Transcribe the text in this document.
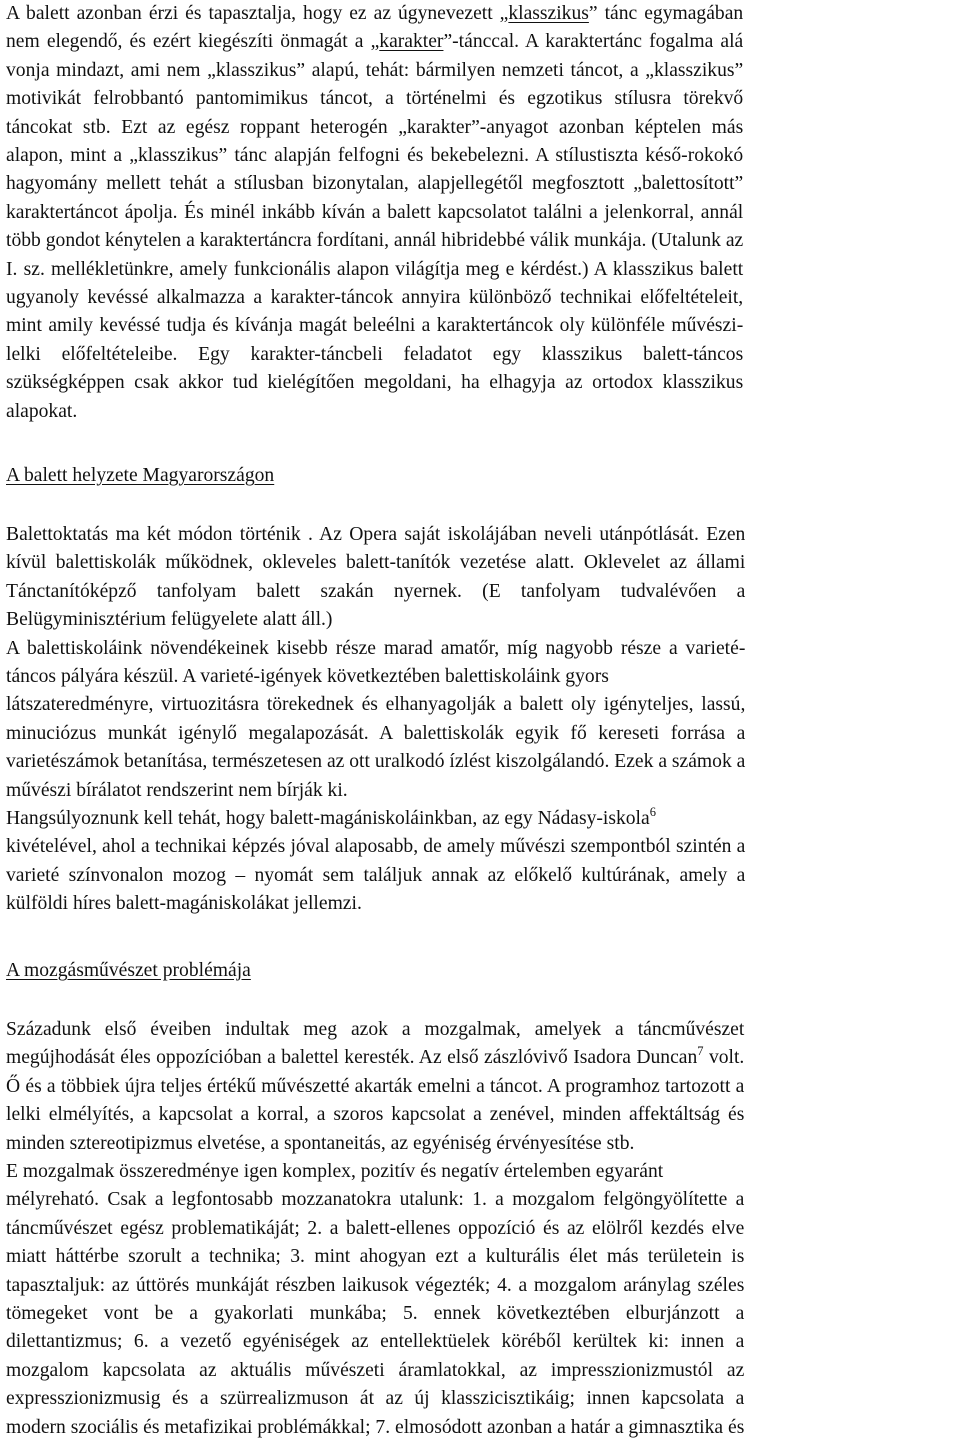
A balett azonban érzi és tapasztalja, hogy ez az úgynevezett „klasszikus” tánc egymagában
nem elegendő, és ezért kiegészíti önmagát a „karakter”-tánccal. A karaktertánc fogalma alá
vonja mindazt, ami nem „klasszikus” alapú, tehát: bármilyen nemzeti táncot, a „klasszikus”
motivikát felrobbantó pantomimikus táncot, a történelmi és egzotikus stílusra törekvő
táncokat stb. Ezt az egész roppant heterogén „karakter”-anyagot azonban képtelen más
alapon, mint a „klasszikus” tánc alapján felfogni és bekebelezni. A stílustiszta késő-rokokó
hagyomány mellett tehát a stílusban bizonytalan, alapjellegétől megfosztott „balettosított”
karaktertáncot ápolja. És minél inkább kíván a balett kapcsolatot találni a jelenkorral, annál
több gondot kénytelen a karaktertáncra fordítani, annál hibridebbé válik munkája. (Utalunk az
I. sz. mellékletünkre, amely funkcionális alapon világítja meg e kérdést.) A klasszikus balett
ugyanoly kevéssé alkalmazza a karakter-táncok annyira különböző technikai előfeltételeit,
mint amily kevéssé tudja és kívánja magát beleélni a karaktertáncok oly különféle művészi-
lelki előfeltételeibe. Egy karakter-táncbeli feladatot egy klasszikus balett-táncos
szükségképpen csak akkor tud kielégítően megoldani, ha elhagyja az ortodox klasszikus
alapokat.

A balett helyzete Magyarországon

Balettoktatás ma két módon történik . Az Opera saját iskolájában neveli utánpótlását. Ezen
kívül balettiskolák működnek, okleveles balett-tanítók vezetése alatt. Oklevelet az állami
Tánctanítóképző tanfolyam balett szakán nyernek. (E tanfolyam tudvalévően a
Belügyminisztérium felügyelete alatt áll.)
A balettiskoláink növendékeinek kisebb része marad amatőr, míg nagyobb része a varieté-
táncos pályára készül. A varieté-igények következtében balettiskoláink gyors
látszateredményre, virtuozitásra törekednek és elhanyagolják a balett oly igényteljes, lassú,
minuciózus munkát igénylő megalapozását. A balettiskolák egyik fő kereseti forrása a
varietészámok betanítása, természetesen az ott uralkodó ízlést kiszolgálandó. Ezek a számok a
művészi bírálatot rendszerint nem bírják ki.
Hangsúlyoznunk kell tehát, hogy balett-magániskoláinkban, az egy Nádasy-iskola$^6$
kivételével, ahol a technikai képzés jóval alaposabb, de amely művészi szempontból szintén a
varieté színvonalon mozog – nyomát sem találjuk annak az előkelő kultúrának, amely a
külföldi híres balett-magániskolákat jellemzi.

A mozgásművészet problémája

Századunk első éveiben indultak meg azok a mozgalmak, amelyek a táncművészet
megújhodását éles oppozícióban a balettel keresték. Az első zászlóvivő Isadora Duncan$^7$ volt.
Ő és a többiek újra teljes értékű művészetté akarták emelni a táncot. A programhoz tartozott a
lelki elmélyítés, a kapcsolat a korral, a szoros kapcsolat a zenével, minden affektáltság és
minden sztereotipizmus elvetése, a spontaneitás, az egyéniség érvényesítése stb.
E mozgalmak összeredménye igen komplex, pozitív és negatív értelemben egyaránt
mélyreható. Csak a legfontosabb mozzanatokra utalunk: 1. a mozgalom felgöngyölítette a
táncművészet egész problematikáját; 2. a balett-ellenes oppozíció és az elölről kezdés elve
miatt háttérbe szorult a technika; 3. mint ahogyan ezt a kulturális élet más területein is
tapasztaljuk: az úttörés munkáját részben laikusok végezték; 4. a mozgalom aránylag széles
tömegeket vont be a gyakorlati munkába; 5. ennek következtében elburjánzott a
dilettantizmus; 6. a vezető egyéniségek az entellektüelek köréből kerültek ki: innen a
mozgalom kapcsolata az aktuális művészeti áramlatokkal, az impresszionizmustól az
expresszionizmusig és a szürrealizmuson át az új klasszicisztikáig; innen kapcsolata a
modern szociális és metafizikai problémákkal; 7. elmosódott azonban a határ a gimnasztika és
